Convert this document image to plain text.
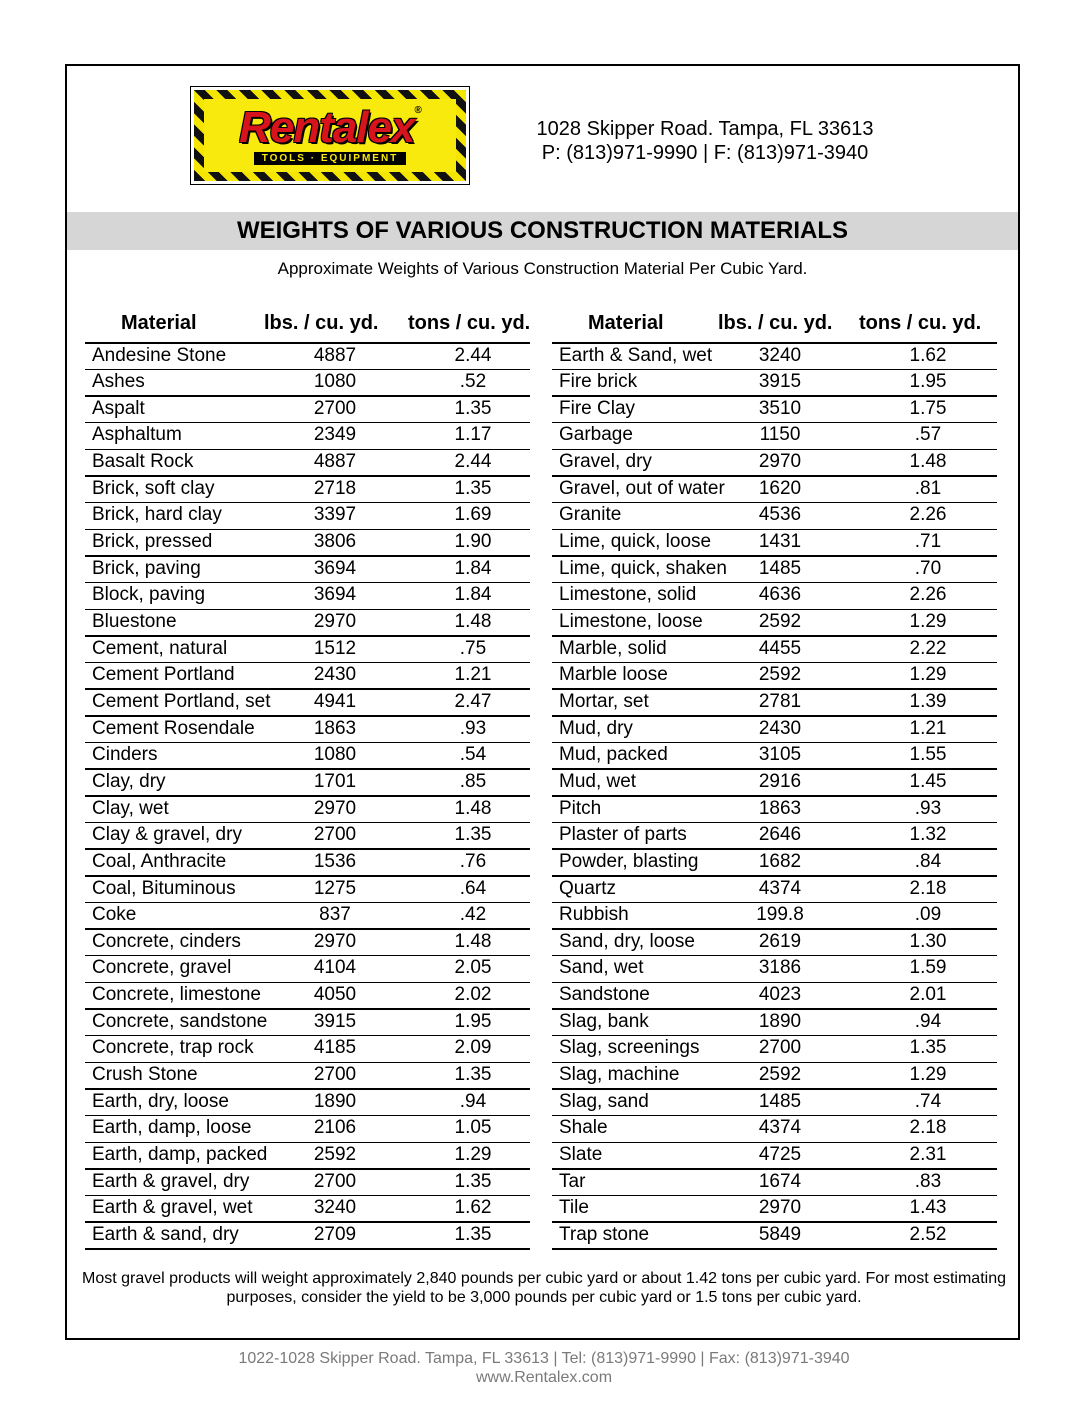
Rentalex®
TOOLS · EQUIPMENT
1028 Skipper Road. Tampa, FL 33613
P: (813)971-9990 | F: (813)971-3940
WEIGHTS OF VARIOUS CONSTRUCTION MATERIALS
Approximate Weights of Various Construction Material Per Cubic Yard.
Material	lbs. / cu. yd. tons / cu. yd.	Material	lbs. / cu. yd. tons / cu. yd.
Andesine Stone	4887	2.44
Ashes	1080	.52
Aspalt	2700	1.35
Asphaltum	2349	1.17
Basalt Rock	4887	2.44
Brick, soft clay	2718	1.35
Brick, hard clay	3397	1.69
Brick, pressed	3806	1.90
Brick, paving	3694	1.84
Block, paving	3694	1.84
Bluestone	2970	1.48
Cement, natural	1512	.75
Cement Portland	2430	1.21
Cement Portland, set	4941	2.47
Cement Rosendale	1863	.93
Cinders	1080	.54
Clay, dry	1701	.85
Clay, wet	2970	1.48
Clay & gravel, dry	2700	1.35
Coal, Anthracite	1536	.76
Coal, Bituminous	1275	.64
Coke	837	.42
Concrete, cinders	2970	1.48
Concrete, gravel	4104	2.05
Concrete, limestone	4050	2.02
Concrete, sandstone	3915	1.95
Concrete, trap rock	4185	2.09
Crush Stone	2700	1.35
Earth, dry, loose	1890	.94
Earth, damp, loose	2106	1.05
Earth, damp, packed	2592	1.29
Earth & gravel, dry	2700	1.35
Earth & gravel, wet	3240	1.62
Earth & sand, dry	2709	1.35
Earth & Sand, wet	3240	1.62
Fire brick	3915	1.95
Fire Clay	3510	1.75
Garbage	1150	.57
Gravel, dry	2970	1.48
Gravel, out of water	1620	.81
Granite	4536	2.26
Lime, quick, loose	1431	.71
Lime, quick, shaken	1485	.70
Limestone, solid	4636	2.26
Limestone, loose	2592	1.29
Marble, solid	4455	2.22
Marble loose	2592	1.29
Mortar, set	2781	1.39
Mud, dry	2430	1.21
Mud, packed	3105	1.55
Mud, wet	2916	1.45
Pitch	1863	.93
Plaster of parts	2646	1.32
Powder, blasting	1682	.84
Quartz	4374	2.18
Rubbish	199.8	.09
Sand, dry, loose	2619	1.30
Sand, wet	3186	1.59
Sandstone	4023	2.01
Slag, bank	1890	.94
Slag, screenings	2700	1.35
Slag, machine	2592	1.29
Slag, sand	1485	.74
Shale	4374	2.18
Slate	4725	2.31
Tar	1674	.83
Tile	2970	1.43
Trap stone	5849	2.52
Most gravel products will weight approximately 2,840 pounds per cubic yard or about 1.42 tons per cubic yard. For most estimating purposes, consider the yield to be 3,000 pounds per cubic yard or 1.5 tons per cubic yard.
1022-1028 Skipper Road. Tampa, FL 33613 | Tel: (813)971-9990 | Fax: (813)971-3940
www.Rentalex.com
